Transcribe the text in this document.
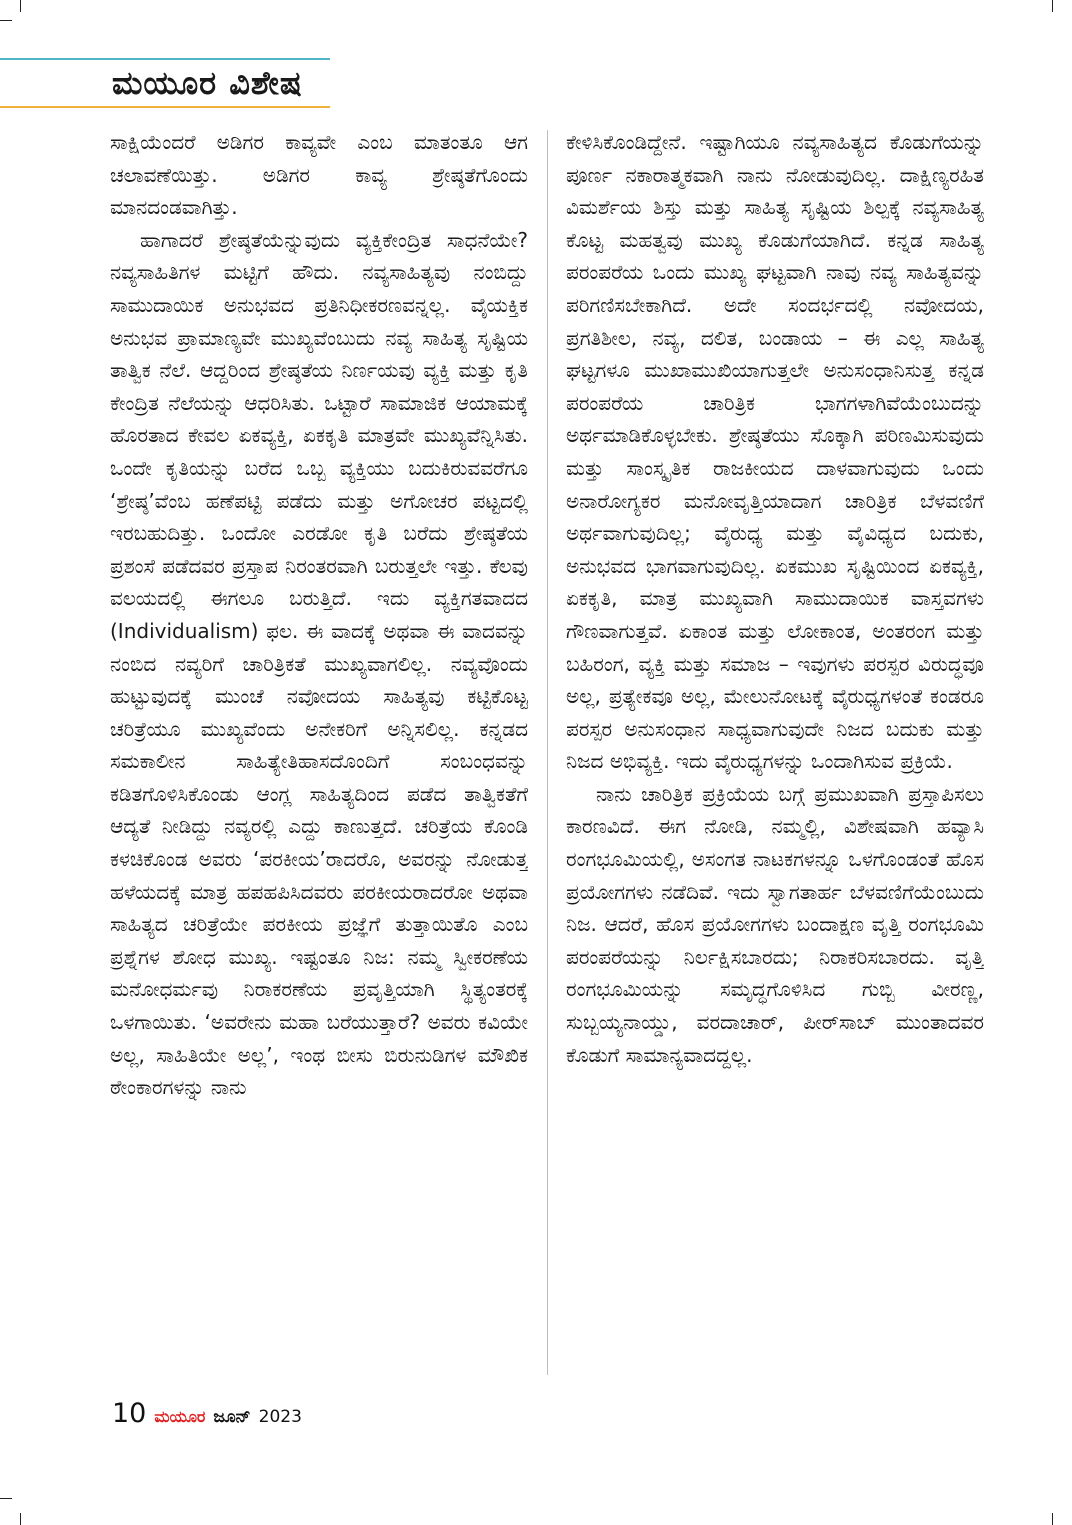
ಮಯೂರ ವಿಶೇಷ

ಸಾಕ್ಷಿಯೆಂದರೆ ಅಡಿಗರ ಕಾವ್ಯವೇ ಎಂಬ ಮಾತಂತೂ ಆಗ ಚಲಾವಣೆಯಿತ್ತು. ಅಡಿಗರ ಕಾವ್ಯ ಶ್ರೇಷ್ಠತೆಗೊಂದು ಮಾನದಂಡವಾಗಿತ್ತು.

ಹಾಗಾದರೆ ಶ್ರೇಷ್ಠತೆಯೆನ್ನುವುದು ವ್ಯಕ್ತಿಕೇಂದ್ರಿತ ಸಾಧನೆಯೇ? ನವ್ಯಸಾಹಿತಿಗಳ ಮಟ್ಟಿಗೆ ಹೌದು. ನವ್ಯಸಾಹಿತ್ಯವು ನಂಬಿದ್ದು ಸಾಮುದಾಯಿಕ ಅನುಭವದ ಪ್ರತಿನಿಧೀಕರಣವನ್ನಲ್ಲ. ವೈಯಕ್ತಿಕ ಅನುಭವ ಪ್ರಾಮಾಣ್ಯವೇ ಮುಖ್ಯವೆಂಬುದು ನವ್ಯ ಸಾಹಿತ್ಯ ಸೃಷ್ಟಿಯ ತಾತ್ವಿಕ ನೆಲೆ. ಆದ್ದರಿಂದ ಶ್ರೇಷ್ಠತೆಯ ನಿರ್ಣಯವು ವ್ಯಕ್ತಿ ಮತ್ತು ಕೃತಿ ಕೇಂದ್ರಿತ ನೆಲೆಯನ್ನು ಆಧರಿಸಿತು. ಒಟ್ಟಾರೆ ಸಾಮಾಜಿಕ ಆಯಾಮಕ್ಕೆ ಹೊರತಾದ ಕೇವಲ ಏಕವ್ಯಕ್ತಿ, ಏಕಕೃತಿ ಮಾತ್ರವೇ ಮುಖ್ಯವೆನ್ನಿಸಿತು. ಒಂದೇ ಕೃತಿಯನ್ನು ಬರೆದ ಒಬ್ಬ ವ್ಯಕ್ತಿಯು ಬದುಕಿರುವವರೆಗೂ ‘ಶ್ರೇಷ್ಠ’ವೆಂಬ ಹಣೆಪಟ್ಟಿ ಪಡೆದು ಮತ್ತು ಅಗೋಚರ ಪಟ್ಟದಲ್ಲಿ ಇರಬಹುದಿತ್ತು. ಒಂದೋ ಎರಡೋ ಕೃತಿ ಬರೆದು ಶ್ರೇಷ್ಠತೆಯ ಪ್ರಶಂಸೆ ಪಡೆದವರ ಪ್ರಸ್ತಾಪ ನಿರಂತರವಾಗಿ ಬರುತ್ತಲೇ ಇತ್ತು. ಕೆಲವು ವಲಯದಲ್ಲಿ ಈಗಲೂ ಬರುತ್ತಿದೆ. ಇದು ವ್ಯಕ್ತಿಗತವಾದದ (Individualism) ಫಲ. ಈ ವಾದಕ್ಕೆ ಅಥವಾ ಈ ವಾದವನ್ನು ನಂಬಿದ ನವ್ಯರಿಗೆ ಚಾರಿತ್ರಿಕತೆ ಮುಖ್ಯವಾಗಲಿಲ್ಲ. ನವ್ಯವೊಂದು ಹುಟ್ಟುವುದಕ್ಕೆ ಮುಂಚೆ ನವೋದಯ ಸಾಹಿತ್ಯವು ಕಟ್ಟಿಕೊಟ್ಟ ಚರಿತ್ರೆಯೂ ಮುಖ್ಯವೆಂದು ಅನೇಕರಿಗೆ ಅನ್ನಿಸಲಿಲ್ಲ. ಕನ್ನಡದ ಸಮಕಾಲೀನ ಸಾಹಿತ್ಯೇತಿಹಾಸದೊಂದಿಗೆ ಸಂಬಂಧವನ್ನು ಕಡಿತಗೊಳಿಸಿಕೊಂಡು ಆಂಗ್ಲ ಸಾಹಿತ್ಯದಿಂದ ಪಡೆದ ತಾತ್ವಿಕತೆಗೆ ಆದ್ಯತೆ ನೀಡಿದ್ದು ನವ್ಯರಲ್ಲಿ ಎದ್ದು ಕಾಣುತ್ತದೆ. ಚರಿತ್ರೆಯ ಕೊಂಡಿ ಕಳಚಿಕೊಂಡ ಅವರು ‘ಪರಕೀಯ’ರಾದರೊ, ಅವರನ್ನು ನೋಡುತ್ತ ಹಳೆಯದಕ್ಕೆ ಮಾತ್ರ ಹಪಹಪಿಸಿದವರು ಪರಕೀಯರಾದರೋ ಅಥವಾ ಸಾಹಿತ್ಯದ ಚರಿತ್ರೆಯೇ ಪರಕೀಯ ಪ್ರಜ್ಞೆಗೆ ತುತ್ತಾಯಿತೊ ಎಂಬ ಪ್ರಶ್ನೆಗಳ ಶೋಧ ಮುಖ್ಯ. ಇಷ್ಟಂತೂ ನಿಜ: ನಮ್ಮ ಸ್ವೀಕರಣೆಯ ಮನೋಧರ್ಮವು ನಿರಾಕರಣೆಯ ಪ್ರವೃತ್ತಿಯಾಗಿ ಸ್ಥಿತ್ಯಂತರಕ್ಕೆ ಒಳಗಾಯಿತು. ‘ಅವರೇನು ಮಹಾ ಬರೆಯುತ್ತಾರೆ? ಅವರು ಕವಿಯೇ ಅಲ್ಲ, ಸಾಹಿತಿಯೇ ಅಲ್ಲ’, ಇಂಥ ಬೀಸು ಬಿರುನುಡಿಗಳ ಮೌಖಿಕ ಠೇಂಕಾರಗಳನ್ನು ನಾನು

ಕೇಳಿಸಿಕೊಂಡಿದ್ದೇನೆ. ಇಷ್ಟಾಗಿಯೂ ನವ್ಯಸಾಹಿತ್ಯದ ಕೊಡುಗೆಯನ್ನು ಪೂರ್ಣ ನಕಾರಾತ್ಮಕವಾಗಿ ನಾನು ನೋಡುವುದಿಲ್ಲ. ದಾಕ್ಷಿಣ್ಯರಹಿತ ವಿಮರ್ಶೆಯ ಶಿಸ್ತು ಮತ್ತು ಸಾಹಿತ್ಯ ಸೃಷ್ಟಿಯ ಶಿಲ್ಪಕ್ಕೆ ನವ್ಯಸಾಹಿತ್ಯ ಕೊಟ್ಟ ಮಹತ್ವವು ಮುಖ್ಯ ಕೊಡುಗೆಯಾಗಿದೆ. ಕನ್ನಡ ಸಾಹಿತ್ಯ ಪರಂಪರೆಯ ಒಂದು ಮುಖ್ಯ ಘಟ್ಟವಾಗಿ ನಾವು ನವ್ಯ ಸಾಹಿತ್ಯವನ್ನು ಪರಿಗಣಿಸಬೇಕಾಗಿದೆ. ಅದೇ ಸಂದರ್ಭದಲ್ಲಿ ನವೋದಯ, ಪ್ರಗತಿಶೀಲ, ನವ್ಯ, ದಲಿತ, ಬಂಡಾಯ – ಈ ಎಲ್ಲ ಸಾಹಿತ್ಯ ಘಟ್ಟಗಳೂ ಮುಖಾಮುಖಿಯಾಗುತ್ತಲೇ ಅನುಸಂಧಾನಿಸುತ್ತ ಕನ್ನಡ ಪರಂಪರೆಯ ಚಾರಿತ್ರಿಕ ಭಾಗಗಳಾಗಿವೆಯೆಂಬುದನ್ನು ಅರ್ಥಮಾಡಿಕೊಳ್ಳಬೇಕು. ಶ್ರೇಷ್ಠತೆಯು ಸೊಕ್ಕಾಗಿ ಪರಿಣಮಿಸುವುದು ಮತ್ತು ಸಾಂಸ್ಕೃತಿಕ ರಾಜಕೀಯದ ದಾಳವಾಗುವುದು ಒಂದು ಅನಾರೋಗ್ಯಕರ ಮನೋವೃತ್ತಿಯಾದಾಗ ಚಾರಿತ್ರಿಕ ಬೆಳವಣಿಗೆ ಅರ್ಥವಾಗುವುದಿಲ್ಲ; ವೈರುಧ್ಯ ಮತ್ತು ವೈವಿಧ್ಯದ ಬದುಕು, ಅನುಭವದ ಭಾಗವಾಗುವುದಿಲ್ಲ. ಏಕಮುಖ ಸೃಷ್ಟಿಯಿಂದ ಏಕವ್ಯಕ್ತಿ, ಏಕಕೃತಿ, ಮಾತ್ರ ಮುಖ್ಯವಾಗಿ ಸಾಮುದಾಯಿಕ ವಾಸ್ತವಗಳು ಗೌಣವಾಗುತ್ತವೆ. ಏಕಾಂತ ಮತ್ತು ಲೋಕಾಂತ, ಅಂತರಂಗ ಮತ್ತು ಬಹಿರಂಗ, ವ್ಯಕ್ತಿ ಮತ್ತು ಸಮಾಜ – ಇವುಗಳು ಪರಸ್ಪರ ವಿರುದ್ಧವೂ ಅಲ್ಲ, ಪ್ರತ್ಯೇಕವೂ ಅಲ್ಲ, ಮೇಲುನೋಟಕ್ಕೆ ವೈರುಧ್ಯಗಳಂತೆ ಕಂಡರೂ ಪರಸ್ಪರ ಅನುಸಂಧಾನ ಸಾಧ್ಯವಾಗುವುದೇ ನಿಜದ ಬದುಕು ಮತ್ತು ನಿಜದ ಅಭಿವ್ಯಕ್ತಿ. ಇದು ವೈರುಧ್ಯಗಳನ್ನು ಒಂದಾಗಿಸುವ ಪ್ರಕ್ರಿಯೆ.

ನಾನು ಚಾರಿತ್ರಿಕ ಪ್ರಕ್ರಿಯೆಯ ಬಗ್ಗೆ ಪ್ರಮುಖವಾಗಿ ಪ್ರಸ್ತಾಪಿಸಲು ಕಾರಣವಿದೆ. ಈಗ ನೋಡಿ, ನಮ್ಮಲ್ಲಿ, ವಿಶೇಷವಾಗಿ ಹವ್ಯಾಸಿ ರಂಗಭೂಮಿಯಲ್ಲಿ, ಅಸಂಗತ ನಾಟಕಗಳನ್ನೂ ಒಳಗೊಂಡಂತೆ ಹೊಸ ಪ್ರಯೋಗಗಳು ನಡೆದಿವೆ. ಇದು ಸ್ವಾಗತಾರ್ಹ ಬೆಳವಣಿಗೆಯೆಂಬುದು ನಿಜ. ಆದರೆ, ಹೊಸ ಪ್ರಯೋಗಗಳು ಬಂದಾಕ್ಷಣ ವೃತ್ತಿ ರಂಗಭೂಮಿ ಪರಂಪರೆಯನ್ನು ನಿರ್ಲಕ್ಷಿಸಬಾರದು; ನಿರಾಕರಿಸಬಾರದು. ವೃತ್ತಿ ರಂಗಭೂಮಿಯನ್ನು ಸಮೃದ್ಧಗೊಳಿಸಿದ ಗುಬ್ಬಿ ವೀರಣ್ಣ, ಸುಬ್ಬಯ್ಯನಾಯ್ಡು, ವರದಾಚಾರ್, ಪೀರ್‌ಸಾಬ್ ಮುಂತಾದವರ ಕೊಡುಗೆ ಸಾಮಾನ್ಯವಾದದ್ದಲ್ಲ.

10 ಮಯೂರ ಜೂನ್ 2023
